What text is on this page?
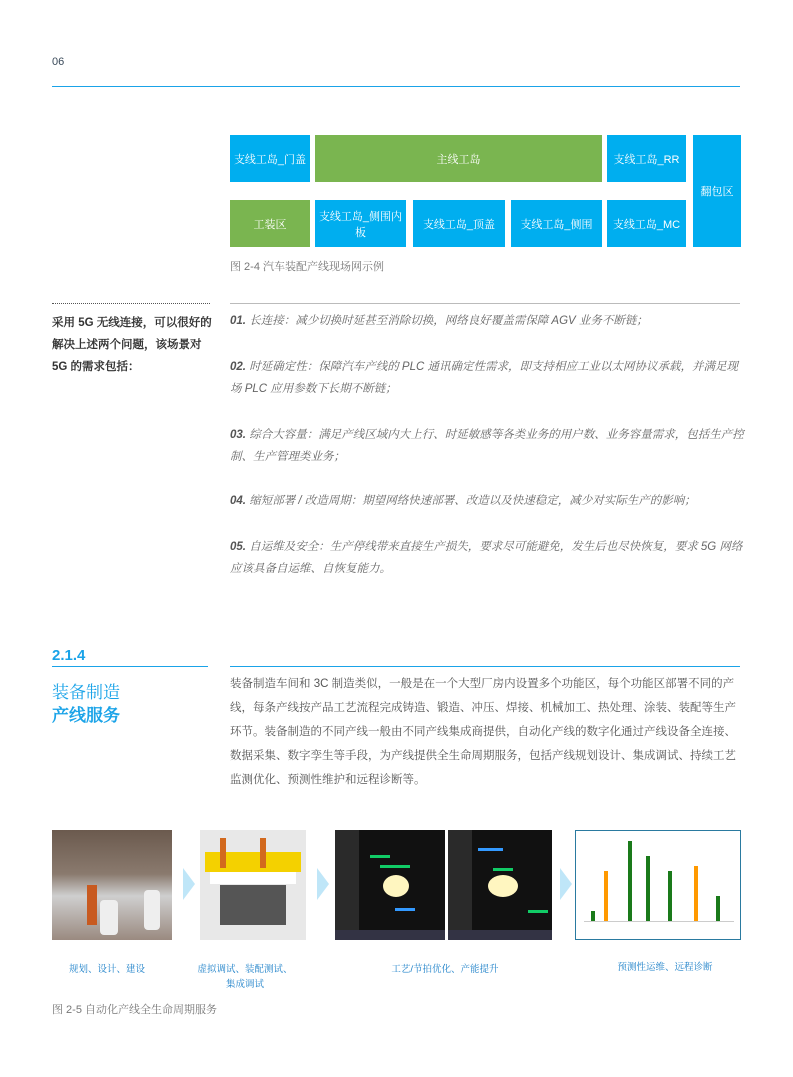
06
支线工岛_门盖	主线工岛	支线工岛_RR
翻包区
工装区
支线工岛_侧围内板
支线工岛_顶盖	支线工岛_侧围	支线工岛_MC
图 2-4 汽车装配产线现场网示例
采用 5G 无线连接，可以很好的解决上述两个问题，该场景对 5G 的需求包括：
01. 长连接：减少切换时延甚至消除切换，网络良好覆盖需保障 AGV 业务不断链；
02. 时延确定性：保障汽车产线的 PLC 通讯确定性需求，即支持相应工业以太网协议承载，并满足现场 PLC 应用参数下长期不断链；
03. 综合大容量：满足产线区域内大上行、时延敏感等各类业务的用户数、业务容量需求，包括生产控制、生产管理类业务；
04. 缩短部署 / 改造周期：期望网络快速部署、改造以及快速稳定，减少对实际生产的影响；
05. 自运维及安全：生产停线带来直接生产损失，要求尽可能避免，发生后也尽快恢复，要求 5G 网络应该具备自运维、自恢复能力。
2.1.4
装备制造
产线服务
装备制造车间和 3C 制造类似，一般是在一个大型厂房内设置多个功能区，每个功能区部署不同的产线，每条产线按产品工艺流程完成铸造、锻造、冲压、焊接、机械加工、热处理、涂装、装配等生产环节。装备制造的不同产线一般由不同产线集成商提供，自动化产线的数字化通过产线设备全连接、数据采集、数字孪生等手段，为产线提供全生命周期服务，包括产线规划设计、集成调试、持续工艺监测优化、预测性维护和远程诊断等。
规划、设计、建设	虚拟调试、装配测试、集成调试
工艺/节拍优化、产能提升	预测性运维、远程诊断
图 2-5 自动化产线全生命周期服务
